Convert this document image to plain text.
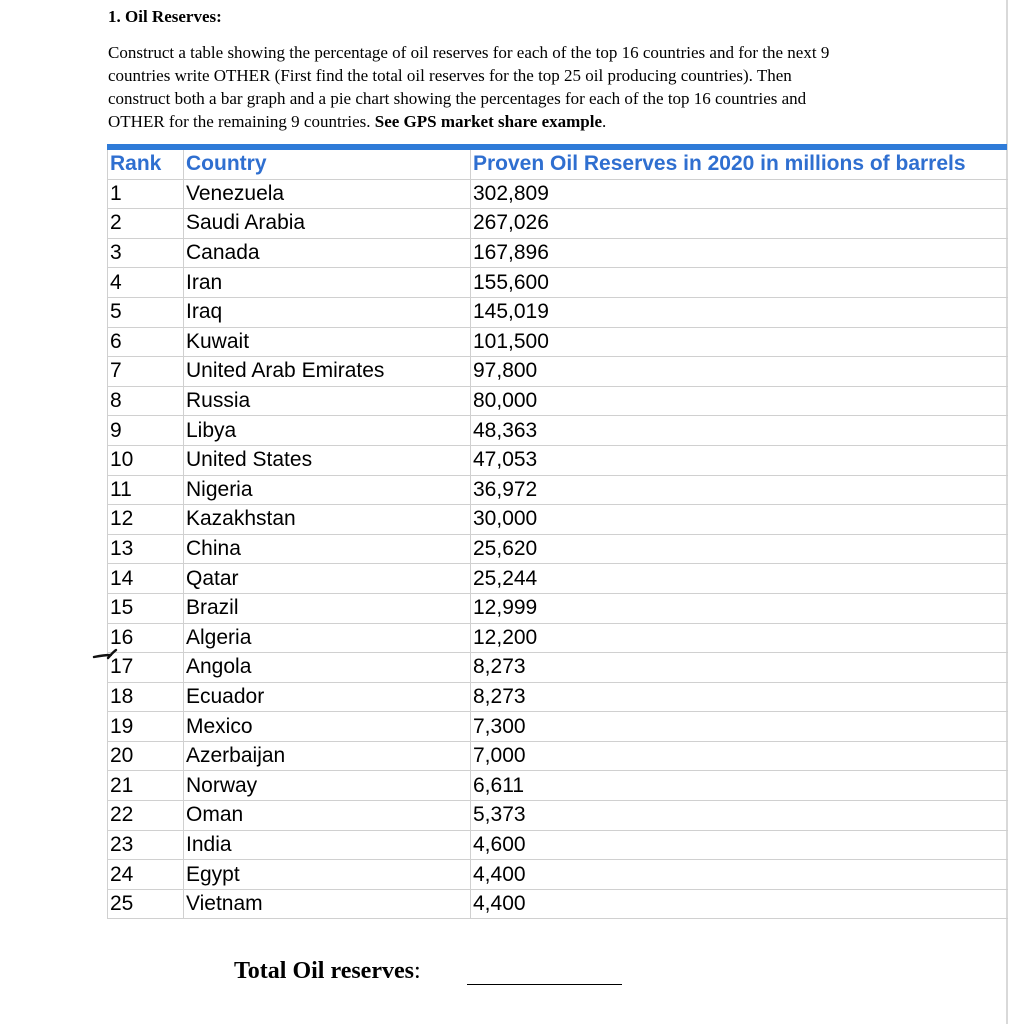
1. Oil Reserves:
Construct a table showing the percentage of oil reserves for each of the top 16 countries and for the next 9
countries write OTHER (First find the total oil reserves for the top 25 oil producing countries). Then
construct both a bar graph and a pie chart showing the percentages for each of the top 16 countries and
OTHER for the remaining 9 countries. See GPS market share example.
Rank	Country	Proven Oil Reserves in 2020 in millions of barrels
1	Venezuela	302,809
2	Saudi Arabia	267,026
3	Canada	167,896
4	Iran	155,600
5	Iraq	145,019
6	Kuwait	101,500
7	United Arab Emirates	97,800
8	Russia	80,000
9	Libya	48,363
10	United States	47,053
11	Nigeria	36,972
12	Kazakhstan	30,000
13	China	25,620
14	Qatar	25,244
15	Brazil	12,999
16	Algeria	12,200
17	Angola	8,273
18	Ecuador	8,273
19	Mexico	7,300
20	Azerbaijan	7,000
21	Norway	6,611
22	Oman	5,373
23	India	4,600
24	Egypt	4,400
25	Vietnam	4,400
Total Oil reserves:
